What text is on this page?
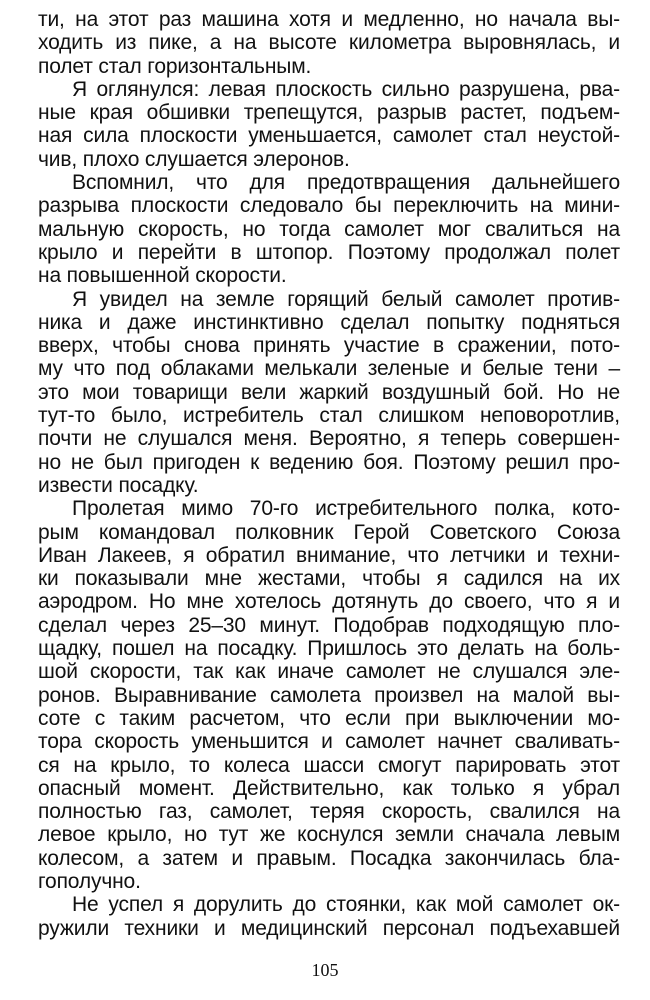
ти, на этот раз машина хотя и медленно, но начала вы-
ходить из пике, а на высоте километра выровнялась, и
полет стал горизонтальным.
Я оглянулся: левая плоскость сильно разрушена, рва-
ные края обшивки трепещутся, разрыв растет, подъем-
ная сила плоскости уменьшается, самолет стал неустой-
чив, плохо слушается элеронов.
Вспомнил, что для предотвращения дальнейшего
разрыва плоскости следовало бы переключить на мини-
мальную скорость, но тогда самолет мог свалиться на
крыло и перейти в штопор. Поэтому продолжал полет
на повышенной скорости.
Я увидел на земле горящий белый самолет против-
ника и даже инстинктивно сделал попытку подняться
вверх, чтобы снова принять участие в сражении, пото-
му что под облаками мелькали зеленые и белые тени –
это мои товарищи вели жаркий воздушный бой. Но не
тут-то было, истребитель стал слишком неповоротлив,
почти не слушался меня. Вероятно, я теперь совершен-
но не был пригоден к ведению боя. Поэтому решил про-
извести посадку.
Пролетая мимо 70-го истребительного полка, кото-
рым командовал полковник Герой Советского Союза
Иван Лакеев, я обратил внимание, что летчики и техни-
ки показывали мне жестами, чтобы я садился на их
аэродром. Но мне хотелось дотянуть до своего, что я и
сделал через 25–30 минут. Подобрав подходящую пло-
щадку, пошел на посадку. Пришлось это делать на боль-
шой скорости, так как иначе самолет не слушался эле-
ронов. Выравнивание самолета произвел на малой вы-
соте с таким расчетом, что если при выключении мо-
тора скорость уменьшится и самолет начнет сваливать-
ся на крыло, то колеса шасси смогут парировать этот
опасный момент. Действительно, как только я убрал
полностью газ, самолет, теряя скорость, свалился на
левое крыло, но тут же коснулся земли сначала левым
колесом, а затем и правым. Посадка закончилась бла-
гополучно.
Не успел я дорулить до стоянки, как мой самолет ок-
ружили техники и медицинский персонал подъехавшей
105
